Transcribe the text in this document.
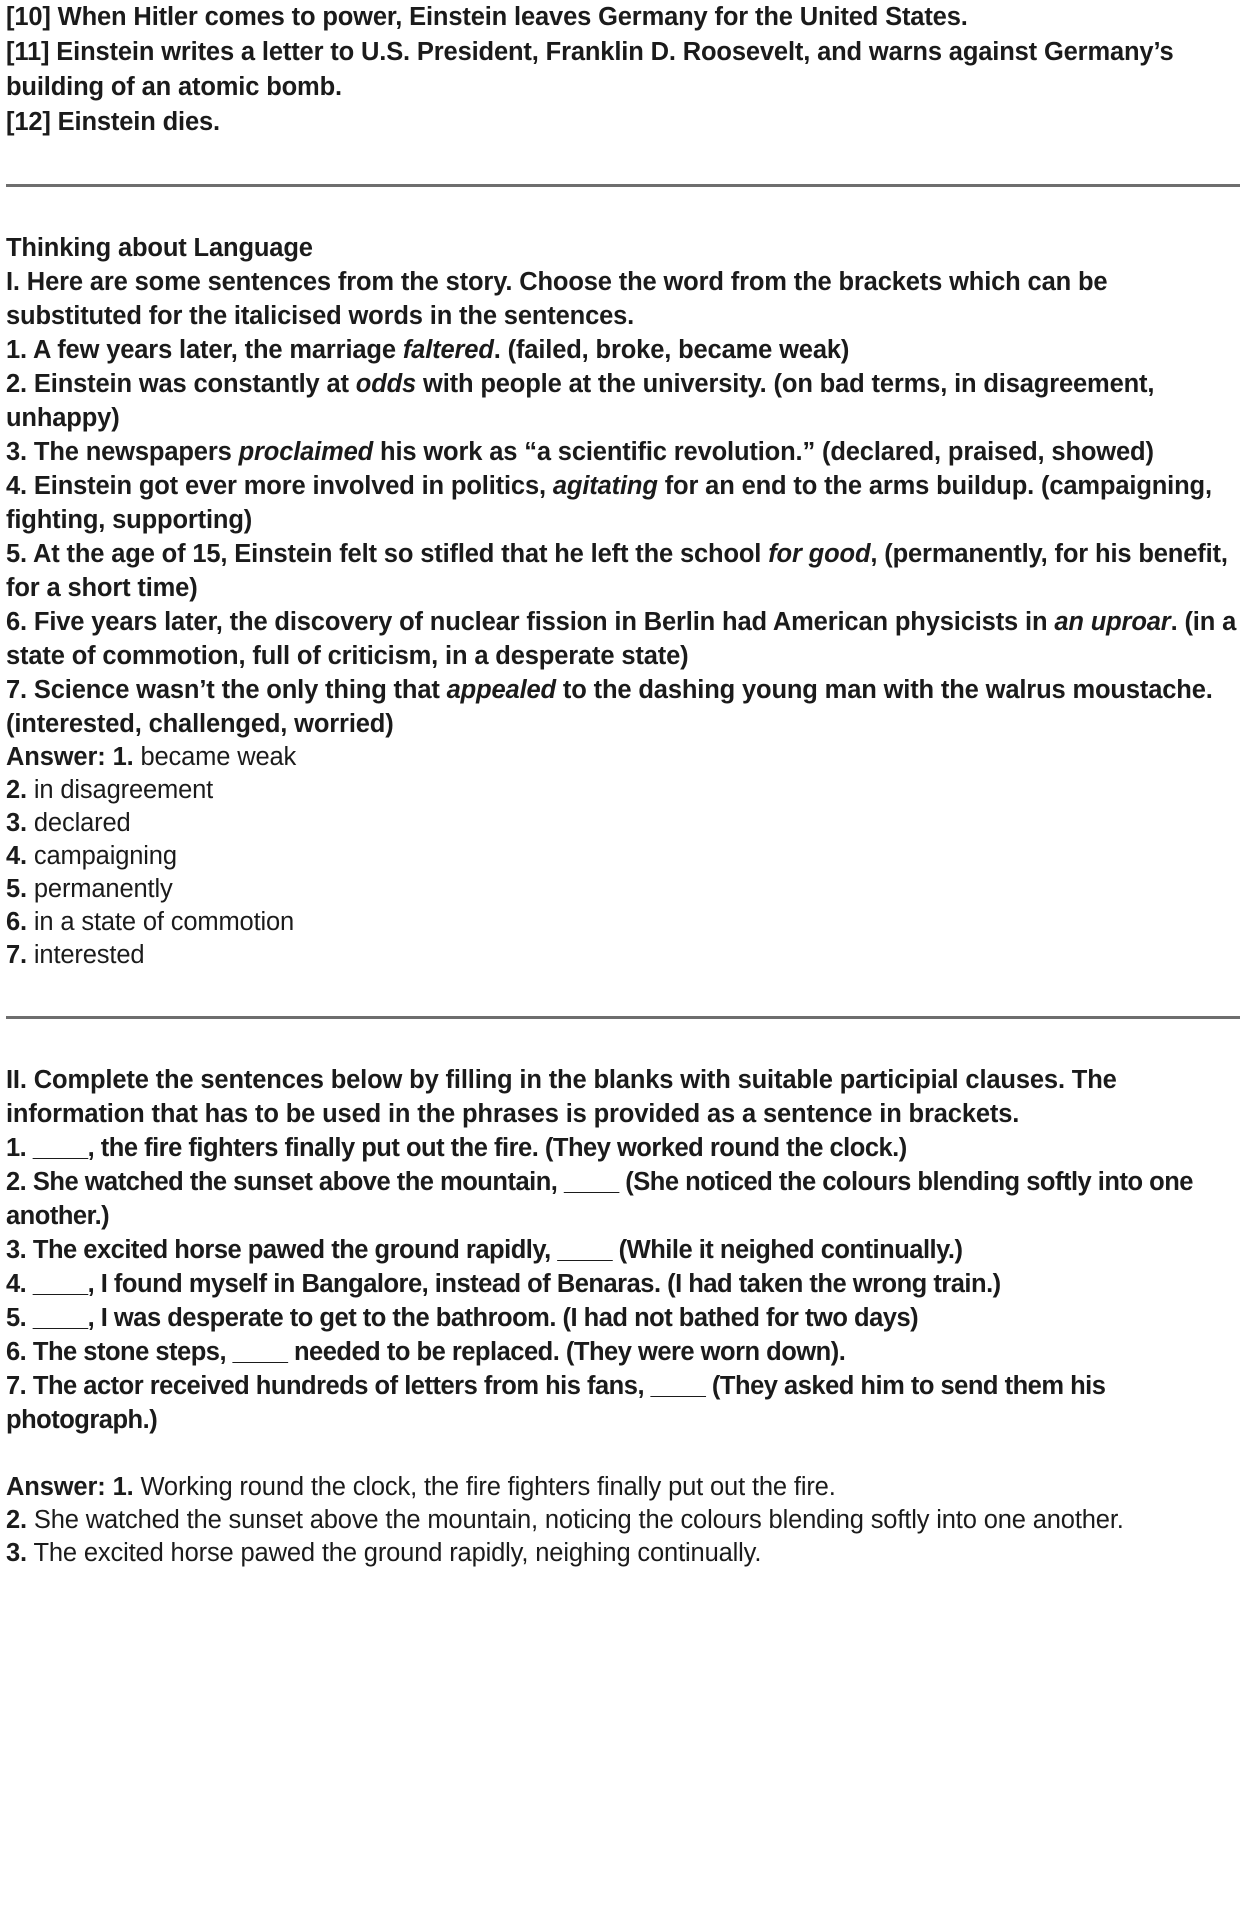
[10] When Hitler comes to power, Einstein leaves Germany for the United States.

[11] Einstein writes a letter to U.S. President, Franklin D. Roosevelt, and warns against Germany’s building of an atomic bomb.

[12] Einstein dies.

Thinking about Language

I. Here are some sentences from the story. Choose the word from the brackets which can be substituted for the italicised words in the sentences.

1. A few years later, the marriage faltered. (failed, broke, became weak)

2. Einstein was constantly at odds with people at the university. (on bad terms, in disagreement, unhappy)

3. The newspapers proclaimed his work as “a scientific revolution.” (declared, praised, showed)

4. Einstein got ever more involved in politics, agitating for an end to the arms buildup. (campaigning, fighting, supporting)

5. At the age of 15, Einstein felt so stifled that he left the school for good, (permanently, for his benefit, for a short time)

6. Five years later, the discovery of nuclear fission in Berlin had American physicists in an uproar. (in a state of commotion, full of criticism, in a desperate state)

7. Science wasn’t the only thing that appealed to the dashing young man with the walrus moustache. (interested, challenged, worried)

Answer: 1. became weak

2. in disagreement

3. declared

4. campaigning

5. permanently

6. in a state of commotion

7. interested

II. Complete the sentences below by filling in the blanks with suitable participial clauses. The information that has to be used in the phrases is provided as a sentence in brackets.

1. ____, the fire fighters finally put out the fire. (They worked round the clock.)

2. She watched the sunset above the mountain, ____ (She noticed the colours blending softly into one another.)

3. The excited horse pawed the ground rapidly, ____ (While it neighed continually.)

4. ____, I found myself in Bangalore, instead of Benaras. (I had taken the wrong train.)

5. ____, I was desperate to get to the bathroom. (I had not bathed for two days)

6. The stone steps, ____ needed to be replaced. (They were worn down).

7. The actor received hundreds of letters from his fans, ____ (They asked him to send them his photograph.)

Answer: 1. Working round the clock, the fire fighters finally put out the fire.

2. She watched the sunset above the mountain, noticing the colours blending softly into one another.

3. The excited horse pawed the ground rapidly, neighing continually.
